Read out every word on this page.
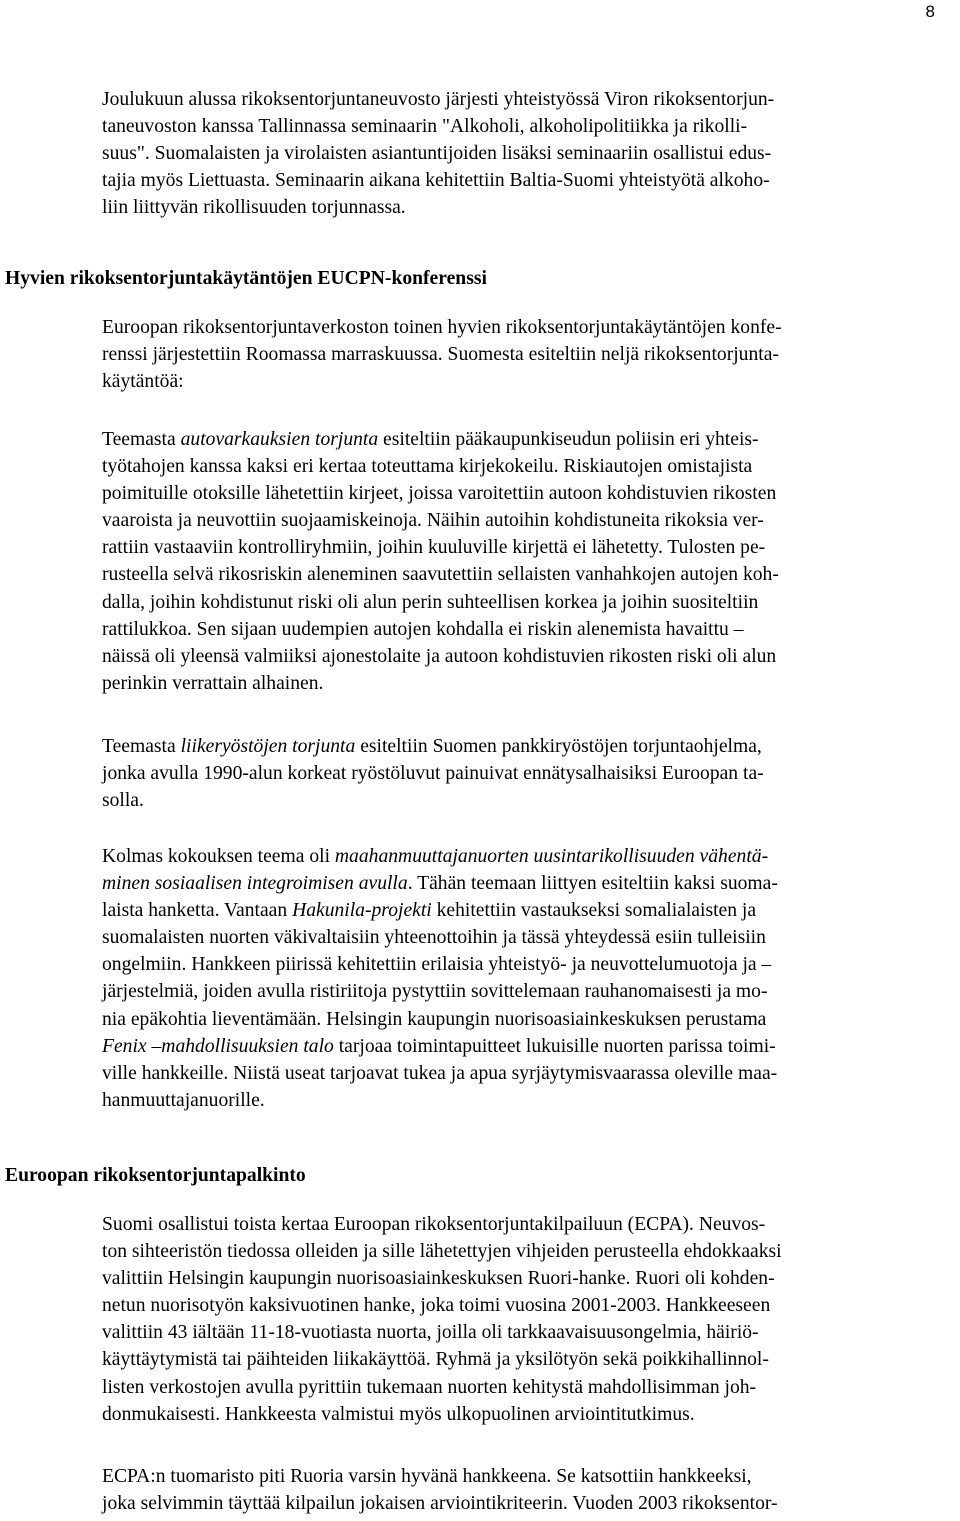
8

Joulukuun alussa rikoksentorjuntaneuvosto järjesti yhteistyössä Viron rikoksentorjun-
taneuvoston kanssa Tallinnassa seminaarin "Alkoholi, alkoholipolitiikka ja rikolli-
suus". Suomalaisten ja virolaisten asiantuntijoiden lisäksi seminaariin osallistui edus-
tajia myös Liettuasta. Seminaarin aikana kehitettiin Baltia-Suomi yhteistyötä alkoho-
liin liittyvän rikollisuuden torjunnassa.

Hyvien rikoksentorjuntakäytäntöjen EUCPN-konferenssi

Euroopan rikoksentorjuntaverkoston toinen hyvien rikoksentorjuntakäytäntöjen konfe-
renssi järjestettiin Roomassa marraskuussa. Suomesta esiteltiin neljä rikoksentorjunta-
käytäntöä:

Teemasta autovarkauksien torjunta esiteltiin pääkaupunkiseudun poliisin eri yhteis-
työtahojen kanssa kaksi eri kertaa toteuttama kirjekokeilu. Riskiautojen omistajista
poimituille otoksille lähetettiin kirjeet, joissa varoitettiin autoon kohdistuvien rikosten
vaaroista ja neuvottiin suojaamiskeinoja. Näihin autoihin kohdistuneita rikoksia ver-
rattiin vastaaviin kontrolliryhmiin, joihin kuuluville kirjettä ei lähetetty. Tulosten pe-
rusteella selvä rikosriskin aleneminen saavutettiin sellaisten vanhahkojen autojen koh-
dalla, joihin kohdistunut riski oli alun perin suhteellisen korkea ja joihin suositeltiin
rattilukkoa. Sen sijaan uudempien autojen kohdalla ei riskin alenemista havaittu –
näissä oli yleensä valmiiksi ajonestolaite ja autoon kohdistuvien rikosten riski oli alun
perinkin verrattain alhainen.

Teemasta liikeryöstöjen torjunta esiteltiin Suomen pankkiryöstöjen torjuntaohjelma,
jonka avulla 1990-alun korkeat ryöstöluvut painuivat ennätysalhaisiksi Euroopan ta-
solla.

Kolmas kokouksen teema oli maahanmuuttajanuorten uusintarikollisuuden vähentä-
minen sosiaalisen integroimisen avulla. Tähän teemaan liittyen esiteltiin kaksi suoma-
laista hanketta. Vantaan Hakunila-projekti kehitettiin vastaukseksi somalialaisten ja
suomalaisten nuorten väkivaltaisiin yhteenottoihin ja tässä yhteydessä esiin tulleisiin
ongelmiin. Hankkeen piirissä kehitettiin erilaisia yhteistyö- ja neuvottelumuotoja ja –
järjestelmiä, joiden avulla ristiriitoja pystyttiin sovittelemaan rauhanomaisesti ja mo-
nia epäkohtia lieventämään. Helsingin kaupungin nuorisoasiainkeskuksen perustama
Fenix –mahdollisuuksien talo tarjoaa toimintapuitteet lukuisille nuorten parissa toimi-
ville hankkeille. Niistä useat tarjoavat tukea ja apua syrjäytymisvaarassa oleville maa-
hanmuuttajanuorille.

Euroopan rikoksentorjuntapalkinto

Suomi osallistui toista kertaa Euroopan rikoksentorjuntakilpailuun (ECPA). Neuvos-
ton sihteeristön tiedossa olleiden ja sille lähetettyjen vihjeiden perusteella ehdokkaaksi
valittiin Helsingin kaupungin nuorisoasiainkeskuksen Ruori-hanke. Ruori oli kohden-
netun nuorisotyön kaksivuotinen hanke, joka toimi vuosina 2001-2003. Hankkeeseen
valittiin 43 iältään 11-18-vuotiasta nuorta, joilla oli tarkkaavaisuusongelmia, häiriö-
käyttäytymistä tai päihteiden liikakäyttöä. Ryhmä ja yksilötyön sekä poikkihallinnol-
listen verkostojen avulla pyrittiin tukemaan nuorten kehitystä mahdollisimman joh-
donmukaisesti. Hankkeesta valmistui myös ulkopuolinen arviointitutkimus.

ECPA:n tuomaristo piti Ruoria varsin hyvänä hankkeena. Se katsottiin hankkeeksi,
joka selvimmin täyttää kilpailun jokaisen arviointikriteerin. Vuoden 2003 rikoksentor-
